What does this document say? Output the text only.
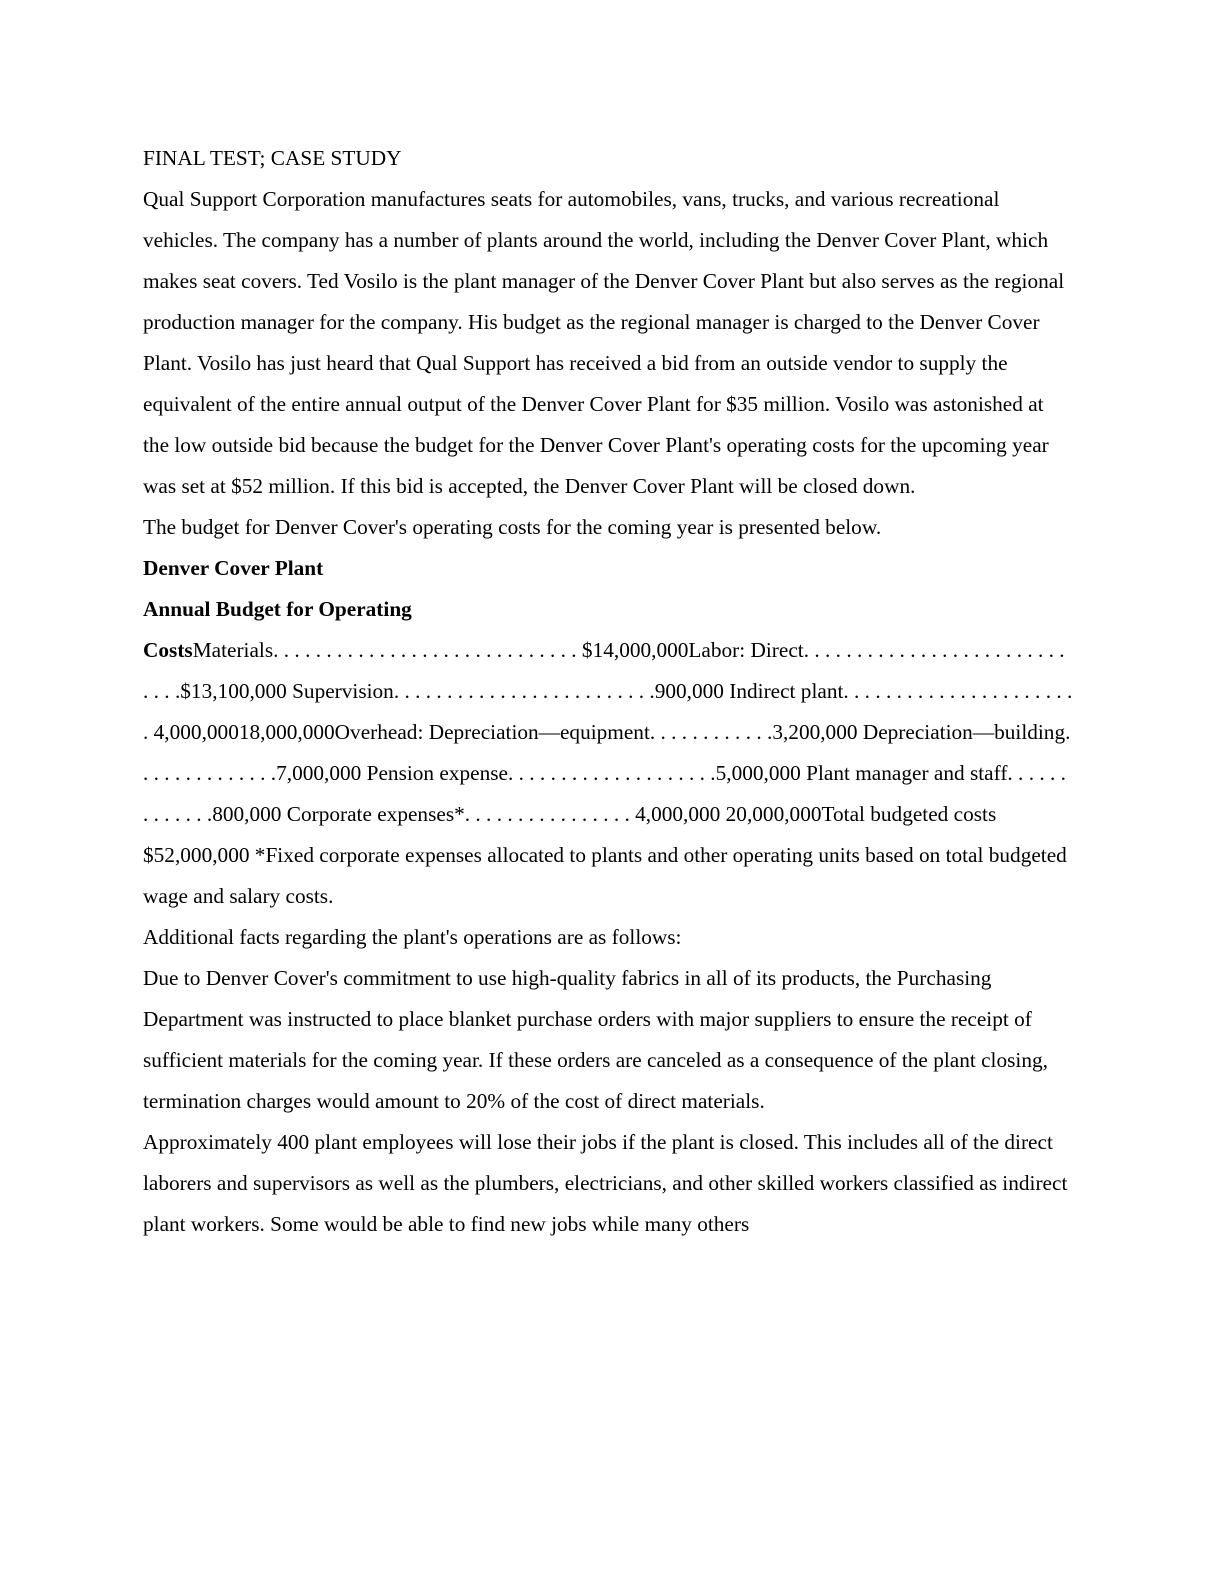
FINAL TEST; CASE STUDY

Qual Support Corporation manufactures seats for automobiles, vans, trucks, and various recreational vehicles. The company has a number of plants around the world, including the Denver Cover Plant, which makes seat covers. Ted Vosilo is the plant manager of the Denver Cover Plant but also serves as the regional production manager for the company. His budget as the regional manager is charged to the Denver Cover Plant. Vosilo has just heard that Qual Support has received a bid from an outside vendor to supply the equivalent of the entire annual output of the Denver Cover Plant for $35 million. Vosilo was astonished at the low outside bid because the budget for the Denver Cover Plant's operating costs for the upcoming year was set at $52 million. If this bid is accepted, the Denver Cover Plant will be closed down.

The budget for Denver Cover's operating costs for the coming year is presented below.

Denver Cover Plant

Annual Budget for Operating

CostsMaterials. . . . . . . . . . . . . . . . . . . . . . . . . . . . . $14,000,000Labor: Direct. . . . . . . . . . . . . . . . . . . . . . . . . . . . .$13,100,000 Supervision. . . . . . . . . . . . . . . . . . . . . . . . .900,000 Indirect plant. . . . . . . . . . . . . . . . . . . . . . . 4,000,00018,000,000Overhead: Depreciation—equipment. . . . . . . . . . . .3,200,000 Depreciation—building. . . . . . . . . . . . . .7,000,000 Pension expense. . . . . . . . . . . . . . . . . . . .5,000,000 Plant manager and staff. . . . . . . . . . . . .800,000 Corporate expenses*. . . . . . . . . . . . . . . . 4,000,000 20,000,000Total budgeted costs $52,000,000 *Fixed corporate expenses allocated to plants and other operating units based on total budgeted wage and salary costs.

Additional facts regarding the plant's operations are as follows:

Due to Denver Cover's commitment to use high-quality fabrics in all of its products, the Purchasing Department was instructed to place blanket purchase orders with major suppliers to ensure the receipt of sufficient materials for the coming year. If these orders are canceled as a consequence of the plant closing, termination charges would amount to 20% of the cost of direct materials.

Approximately 400 plant employees will lose their jobs if the plant is closed. This includes all of the direct laborers and supervisors as well as the plumbers, electricians, and other skilled workers classified as indirect plant workers. Some would be able to find new jobs while many others
